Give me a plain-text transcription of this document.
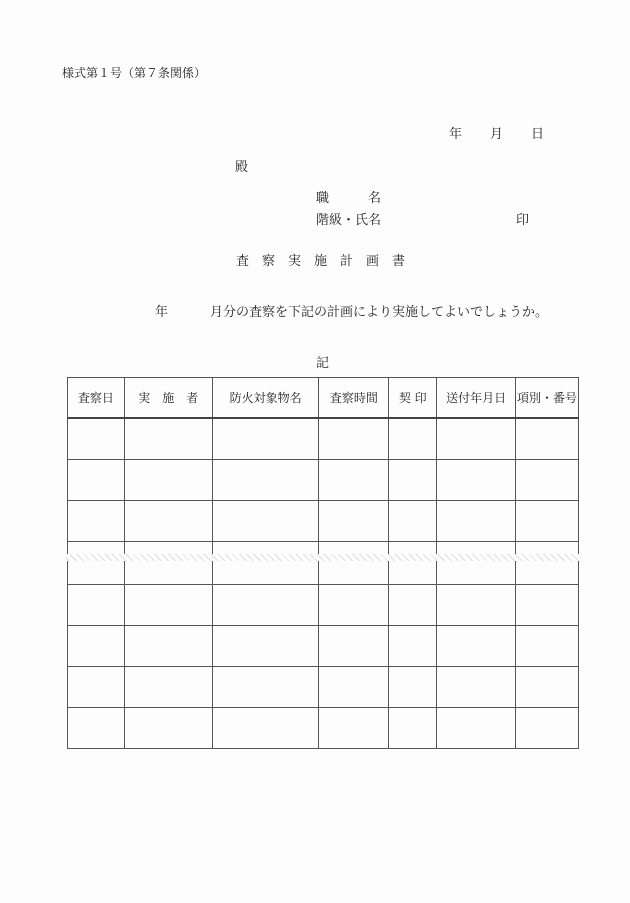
様式第１号（第７条関係）
年 月 日
殿
職　　　名
階級・氏名	印
査　察　実　施　計　画　書
年	月分の査察を下記の計画により実施してよいでしょうか。
記
査察日	実　施　者	防火対象物名	査察時間	契 印	送付年月日	項別・番号
